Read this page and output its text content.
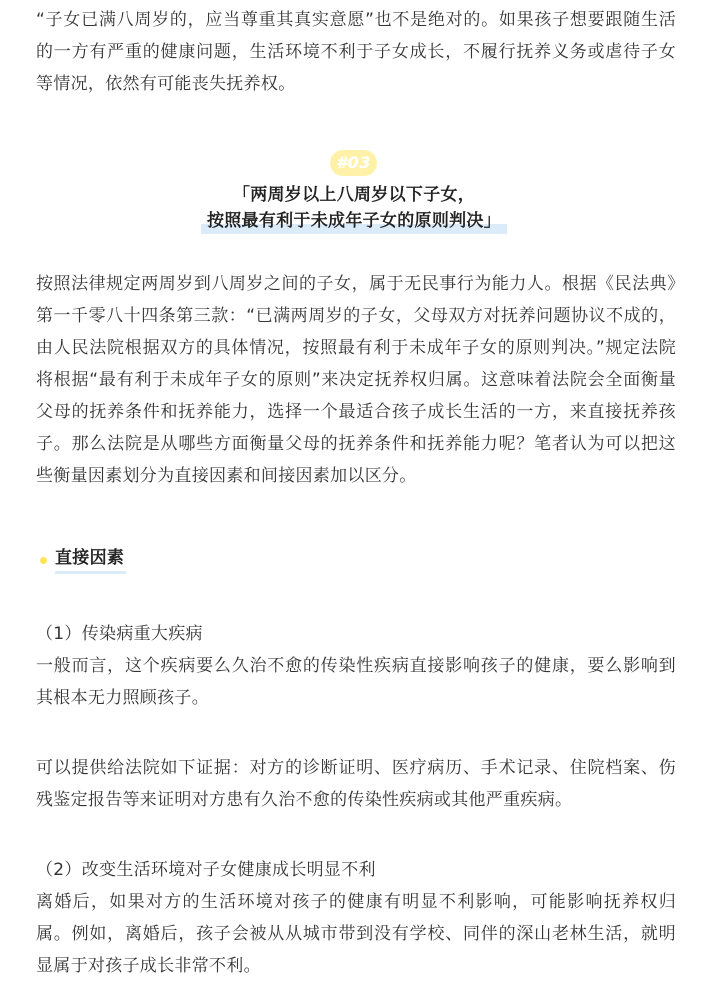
“子女已满八周岁的，应当尊重其真实意愿”也不是绝对的。如果孩子想要跟随生活的一方有严重的健康问题，生活环境不利于子女成长，不履行抚养义务或虐待子女等情况，依然有可能丧失抚养权。

#03
「两周岁以上八周岁以下子女，
按照最有利于未成年子女的原则判决」

按照法律规定两周岁到八周岁之间的子女，属于无民事行为能力人。根据《民法典》第一千零八十四条第三款：“已满两周岁的子女，父母双方对抚养问题协议不成的，由人民法院根据双方的具体情况，按照最有利于未成年子女的原则判决。”规定法院将根据“最有利于未成年子女的原则”来决定抚养权归属。这意味着法院会全面衡量父母的抚养条件和抚养能力，选择一个最适合孩子成长生活的一方，来直接抚养孩子。那么法院是从哪些方面衡量父母的抚养条件和抚养能力呢？笔者认为可以把这些衡量因素划分为直接因素和间接因素加以区分。

直接因素
（1）传染病重大疾病

一般而言，这个疾病要么久治不愈的传染性疾病直接影响孩子的健康，要么影响到其根本无力照顾孩子。

可以提供给法院如下证据：对方的诊断证明、医疗病历、手术记录、住院档案、伤残鉴定报告等来证明对方患有久治不愈的传染性疾病或其他严重疾病。

（2）改变生活环境对子女健康成长明显不利

离婚后，如果对方的生活环境对孩子的健康有明显不利影响，可能影响抚养权归属。例如，离婚后，孩子会被从从城市带到没有学校、同伴的深山老林生活，就明显属于对孩子成长非常不利。
